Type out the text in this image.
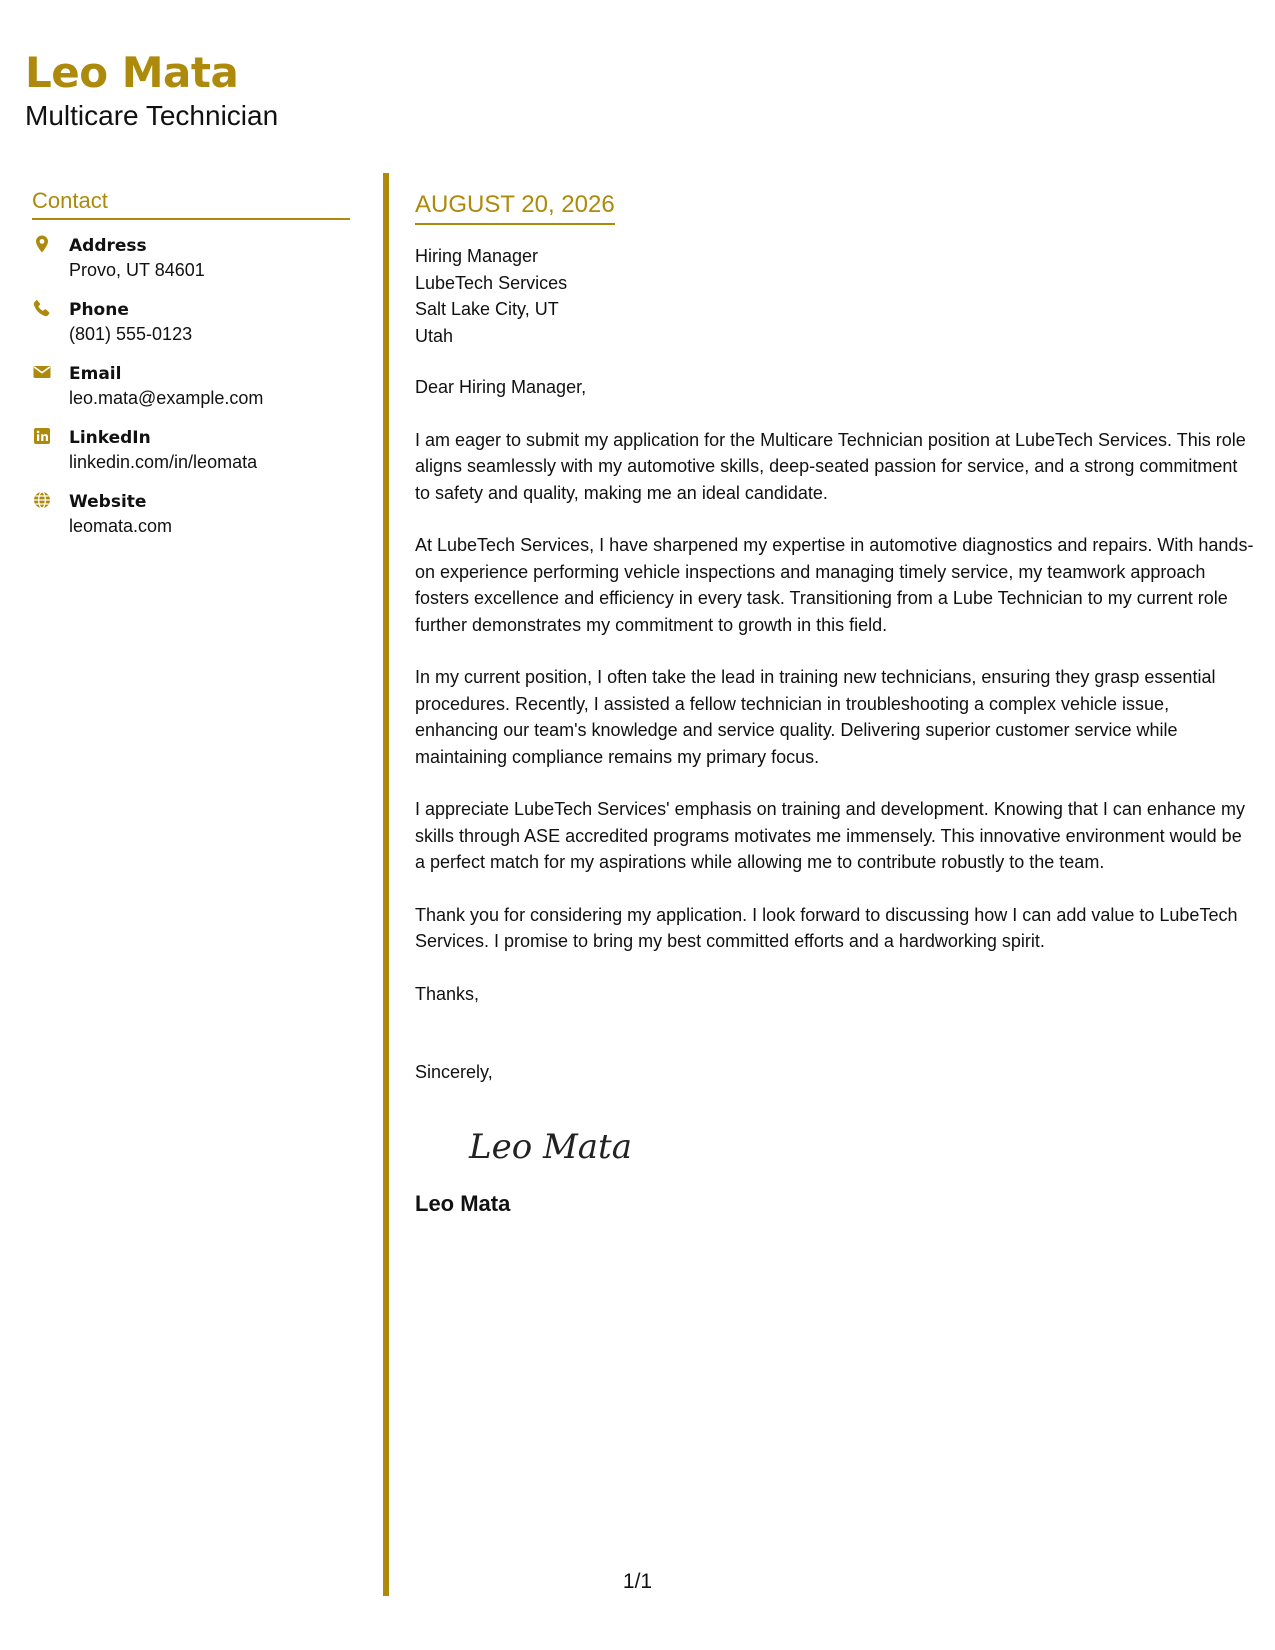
Leo Mata
Multicare Technician
Contact
Address
Provo, UT 84601
Phone
(801) 555-0123
Email
leo.mata@example.com
LinkedIn
linkedin.com/in/leomata
Website
leomata.com
AUGUST 20, 2026
Hiring Manager
LubeTech Services
Salt Lake City, UT
Utah
Dear Hiring Manager,
I am eager to submit my application for the Multicare Technician position at LubeTech Services. This role aligns seamlessly with my automotive skills, deep-seated passion for service, and a strong commitment to safety and quality, making me an ideal candidate.
At LubeTech Services, I have sharpened my expertise in automotive diagnostics and repairs. With hands-on experience performing vehicle inspections and managing timely service, my teamwork approach fosters excellence and efficiency in every task. Transitioning from a Lube Technician to my current role further demonstrates my commitment to growth in this field.
In my current position, I often take the lead in training new technicians, ensuring they grasp essential procedures. Recently, I assisted a fellow technician in troubleshooting a complex vehicle issue, enhancing our team's knowledge and service quality. Delivering superior customer service while maintaining compliance remains my primary focus.
I appreciate LubeTech Services' emphasis on training and development. Knowing that I can enhance my skills through ASE accredited programs motivates me immensely. This innovative environment would be a perfect match for my aspirations while allowing me to contribute robustly to the team.
Thank you for considering my application. I look forward to discussing how I can add value to LubeTech Services. I promise to bring my best committed efforts and a hardworking spirit.
Thanks,
Sincerely,
Leo Mata
Leo Mata
1/1
